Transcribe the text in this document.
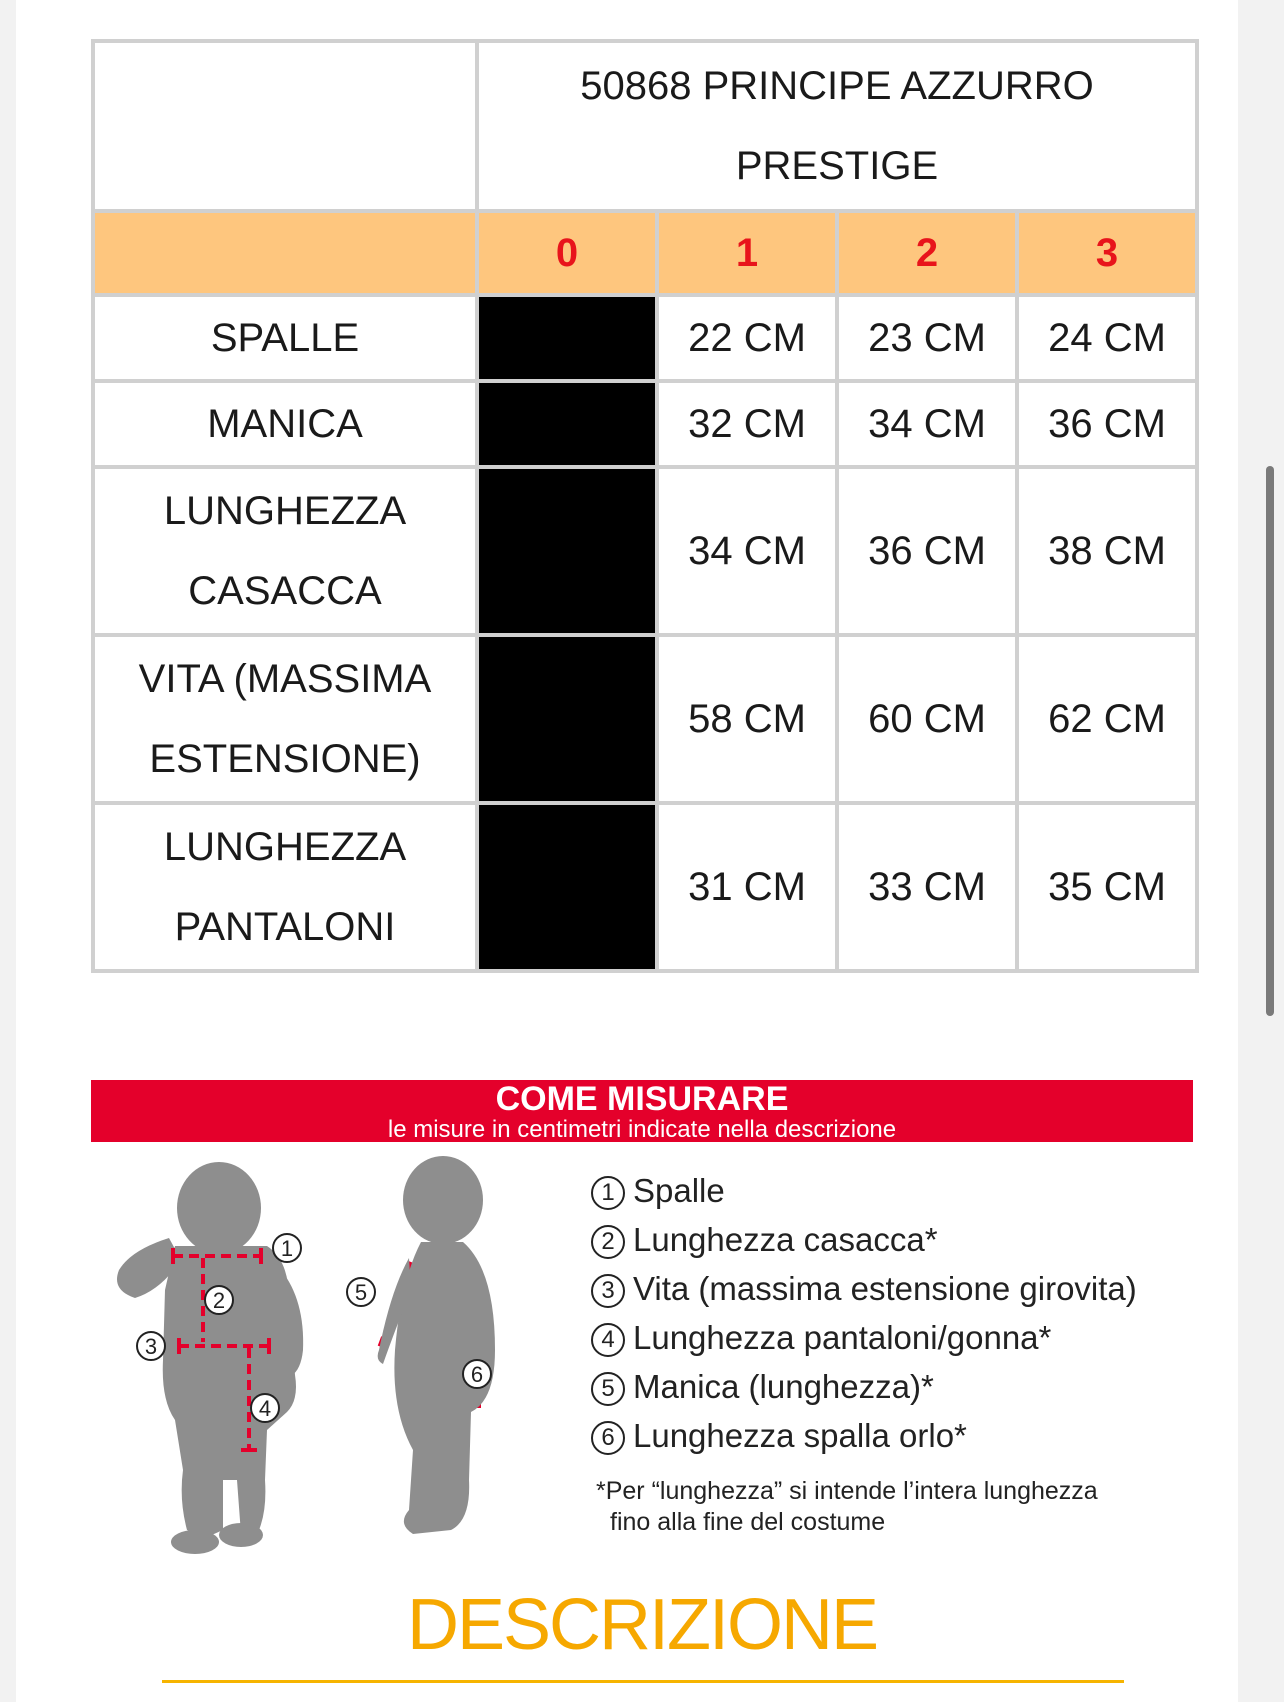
	50868 PRINCIPE AZZURRO
PRESTIGE			

	0	1	2	3
SPALLE		22 CM	23 CM	24 CM
MANICA		32 CM	34 CM	36 CM

LUNGHEZZA
CASACCA		34 CM	36 CM	38 CM

VITA (MASSIMA
ESTENSIONE)		58 CM	60 CM	62 CM

LUNGHEZZA
PANTALONI		31 CM	33 CM	35 CM
COME MISURARE
le misure in centimetri indicate nella descrizione
1
2
3
4
5
6
1 Spalle
2 Lunghezza casacca*
3 Vita (massima estensione girovita)
4 Lunghezza pantaloni/gonna*
5 Manica (lunghezza)*
6 Lunghezza spalla orlo*
*Per “lunghezza” si intende l’intera lunghezza
fino alla fine del costume
DESCRIZIONE
